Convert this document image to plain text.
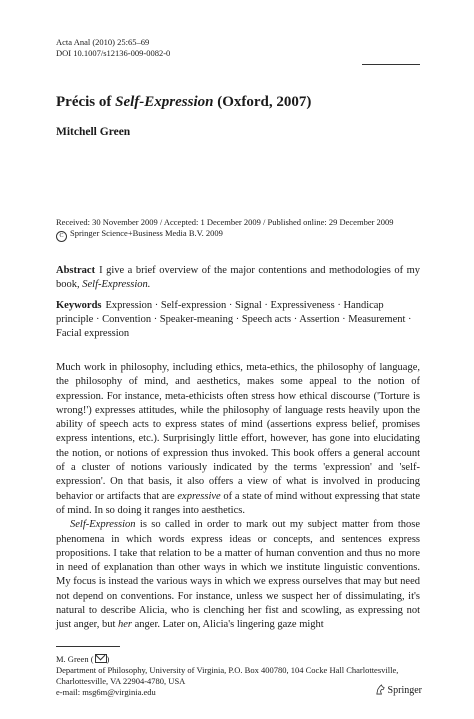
Acta Anal (2010) 25:65–69
DOI 10.1007/s12136-009-0082-0
Précis of Self-Expression (Oxford, 2007)
Mitchell Green
Received: 30 November 2009 / Accepted: 1 December 2009 / Published online: 29 December 2009
C Springer Science+Business Media B.V. 2009
Abstract I give a brief overview of the major contentions and methodologies of my book, Self-Expression.
Keywords Expression · Self-expression · Signal · Expressiveness · Handicap principle · Convention · Speaker-meaning · Speech acts · Assertion · Measurement · Facial expression

Much work in philosophy, including ethics, meta-ethics, the philosophy of language, the philosophy of mind, and aesthetics, makes some appeal to the notion of expression. For instance, meta-ethicists often stress how ethical discourse ('Torture is wrong!') expresses attitudes, while the philosophy of language rests heavily upon the ability of speech acts to express states of mind (assertions express belief, promises express intentions, etc.). Surprisingly little effort, however, has gone into elucidating the notion, or notions of expression thus invoked. This book offers a general account of a cluster of notions variously indicated by the terms 'expression' and 'self-expression'. On that basis, it also offers a view of what is involved in producing behavior or artifacts that are expressive of a state of mind without expressing that state of mind. In so doing it ranges into aesthetics.

Self-Expression is so called in order to mark out my subject matter from those phenomena in which words express ideas or concepts, and sentences express propositions. I take that relation to be a matter of human convention and thus no more in need of explanation than other ways in which we institute linguistic conventions. My focus is instead the various ways in which we express ourselves that may but need not depend on conventions. For instance, unless we suspect her of dissimulating, it's natural to describe Alicia, who is clenching her fist and scowling, as expressing not just anger, but her anger. Later on, Alicia's lingering gaze might

M. Green ( )
Department of Philosophy, University of Virginia, P.O. Box 400780, 104 Cocke Hall Charlottesville,
Charlottesville, VA 22904-4780, USA
e-mail: msg6m@virginia.edu	Springer
